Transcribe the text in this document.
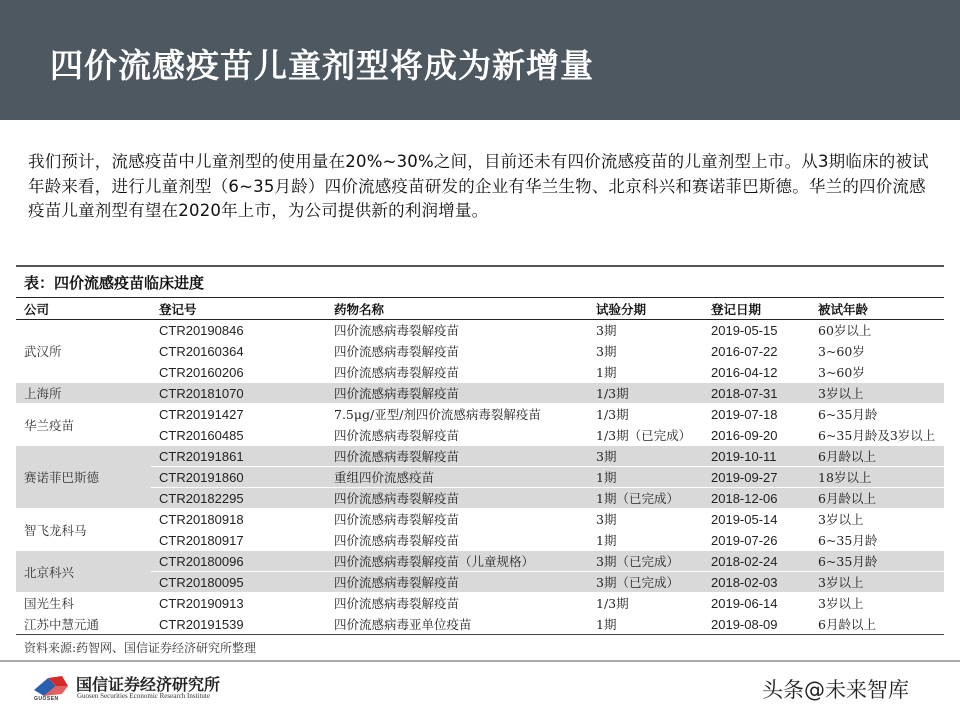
四价流感疫苗儿童剂型将成为新增量

我们预计，流感疫苗中儿童剂型的使用量在20%~30%之间，目前还未有四价流感疫苗的儿童剂型上市。从3期临床的被试年龄来看，进行儿童剂型（6~35月龄）四价流感疫苗研发的企业有华兰生物、北京科兴和赛诺菲巴斯德。华兰的四价流感疫苗儿童剂型有望在2020年上市，为公司提供新的利润增量。

表：四价流感疫苗临床进度
公司	登记号	药物名称	试验分期	登记日期	被试年龄
武汉所	CTR20190846	四价流感病毒裂解疫苗	3期	2019-05-15	60岁以上
	CTR20160364	四价流感病毒裂解疫苗	3期	2016-07-22	3~60岁
	CTR20160206	四价流感病毒裂解疫苗	1期	2016-04-12	3~60岁
上海所	CTR20181070	四价流感病毒裂解疫苗	1/3期	2018-07-31	3岁以上
华兰疫苗	CTR20191427	7.5μg/亚型/剂四价流感病毒裂解疫苗	1/3期	2019-07-18	6~35月龄
	CTR20160485	四价流感病毒裂解疫苗	1/3期（已完成）	2016-09-20	6~35月龄及3岁以上
赛诺菲巴斯德	CTR20191861	四价流感病毒裂解疫苗	3期	2019-10-11	6月龄以上
	CTR20191860	重组四价流感疫苗	1期	2019-09-27	18岁以上
	CTR20182295	四价流感病毒裂解疫苗	1期（已完成）	2018-12-06	6月龄以上
智飞龙科马	CTR20180918	四价流感病毒裂解疫苗	3期	2019-05-14	3岁以上
	CTR20180917	四价流感病毒裂解疫苗	1期	2019-07-26	6~35月龄
北京科兴	CTR20180096	四价流感病毒裂解疫苗（儿童规格）	3期（已完成）	2018-02-24	6~35月龄
	CTR20180095	四价流感病毒裂解疫苗	3期（已完成）	2018-02-03	3岁以上
国光生科	CTR20190913	四价流感病毒裂解疫苗	1/3期	2019-06-14	3岁以上
江苏中慧元通	CTR20191539	四价流感病毒亚单位疫苗	1期	2019-08-09	6月龄以上
资料来源:药智网、国信证券经济研究所整理
GUOSEN
国信证券经济研究所
Guosen Securities Economic Research Institute	头条@未来智库
